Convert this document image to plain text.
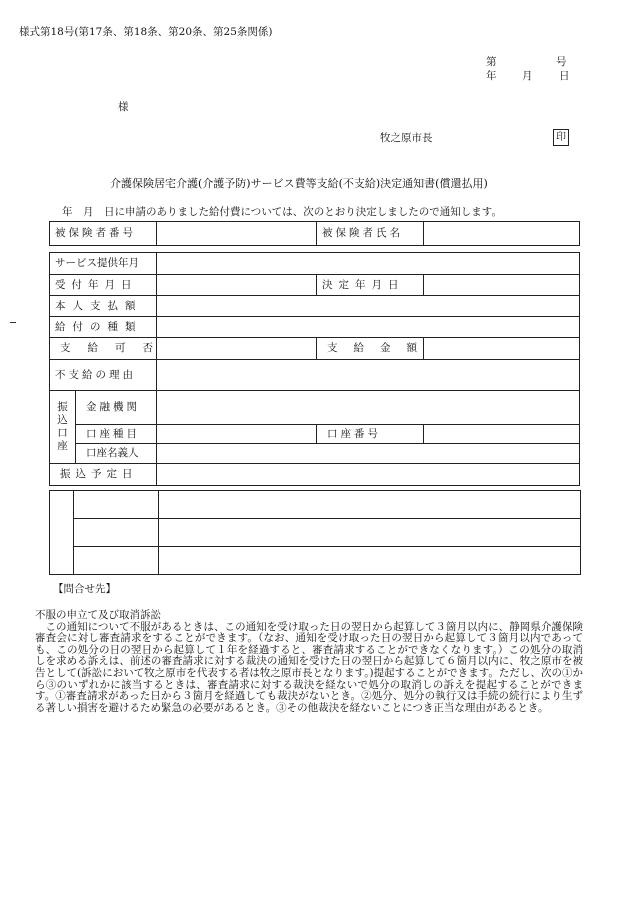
様式第18号(第17条、第18条、第20条、第25条関係)
第	号
年 月	日
様
牧之原市長	印
介護保険居宅介護(介護予防)サービス費等支給(不支給)決定通知書(償還払用)
年　月　日に申請のありました給付費については、次のとおり決定しましたので通知します。
被保険者番号		被保険者氏名	
サービス提供年月				
受付年月日			決定年月日	
本人支払額				
給付の種類				
支給可否			支給金額	
不支給の理由				
振込口座	金融機関			
	口座種目		口座番号	
	口座名義人			
振込予定日				

【問合せ先】

不服の申立て及び取消訴訟

この通知について不服があるときは、この通知を受け取った日の翌日から起算して３箇月以内に、静岡県介護保険審査会に対し審査請求をすることができます。（なお、通知を受け取った日の翌日から起算して３箇月以内であっても、この処分の日の翌日から起算して１年を経過すると、審査請求することができなくなります。）この処分の取消しを求める訴えは、前述の審査請求に対する裁決の通知を受けた日の翌日から起算して６箇月以内に、牧之原市を被告として(訴訟において牧之原市を代表する者は牧之原市長となります。)提起することができます。ただし、次の①から③のいずれかに該当するときは、審査請求に対する裁決を経ないで処分の取消しの訴えを提起することができます。①審査請求があった日から３箇月を経過しても裁決がないとき。②処分、処分の執行又は手続の続行により生ずる著しい損害を避けるため緊急の必要があるとき。③その他裁決を経ないことにつき正当な理由があるとき。
